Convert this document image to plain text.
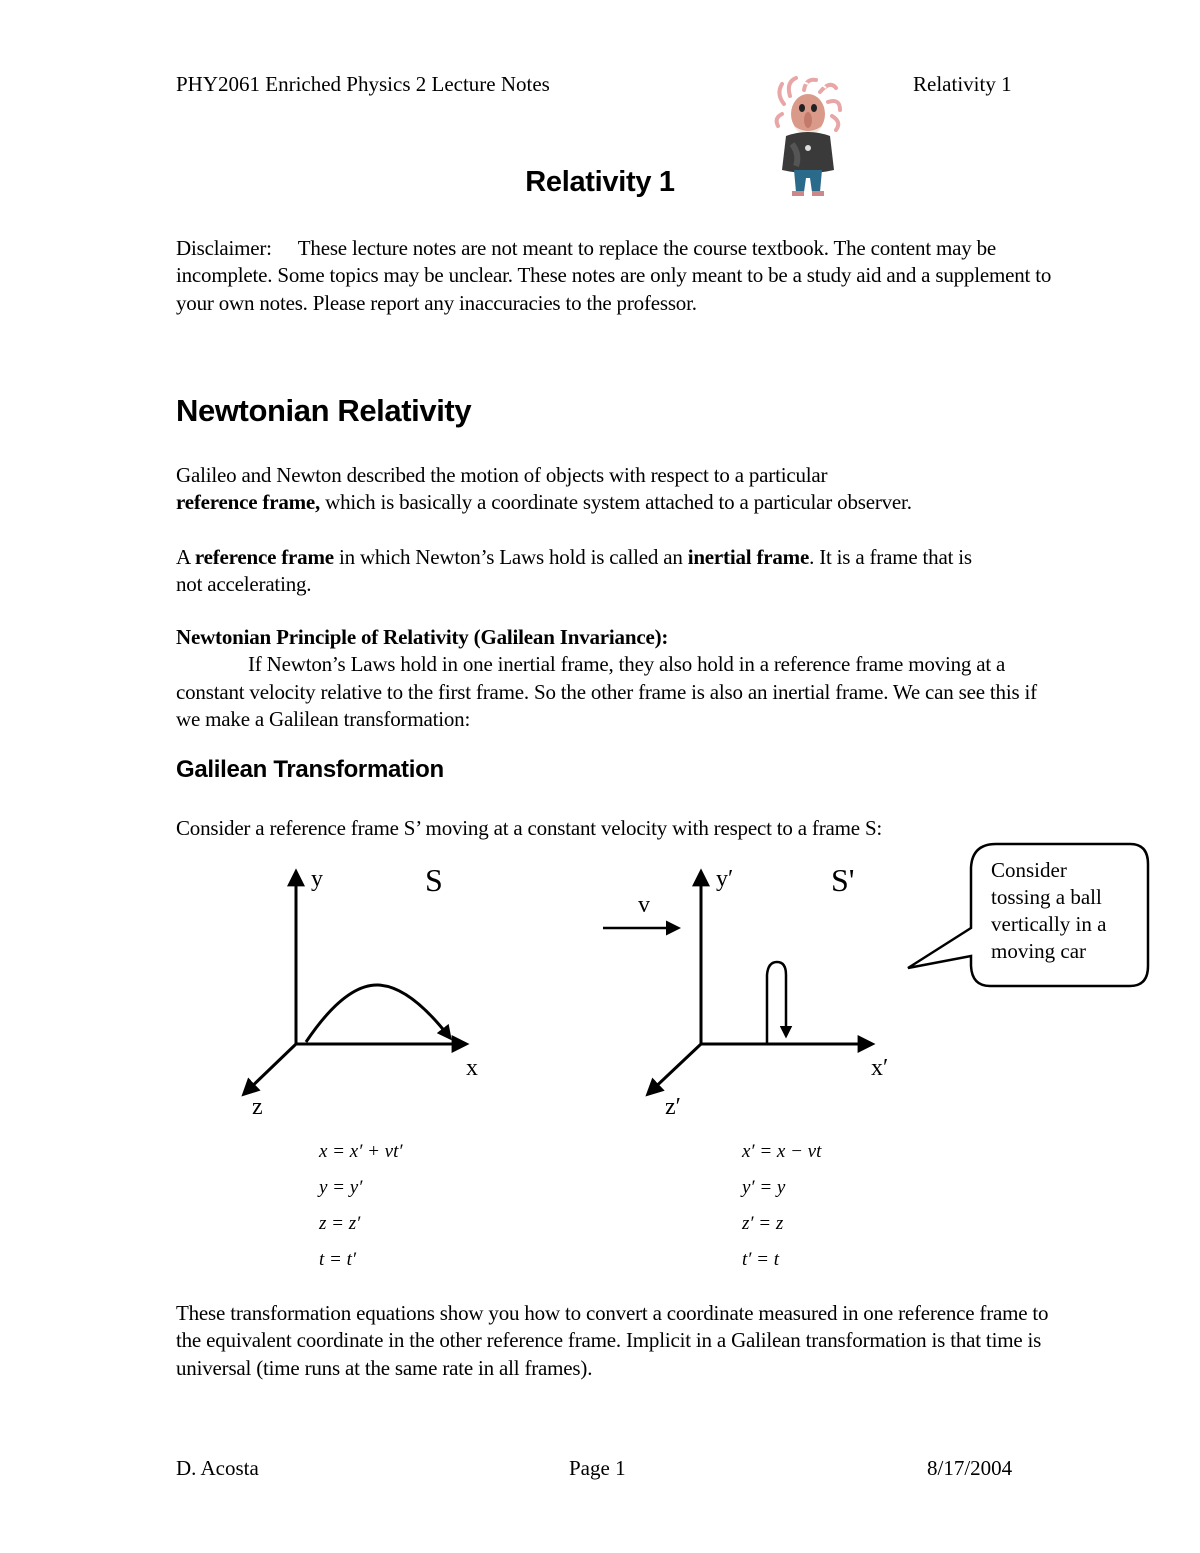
PHY2061 Enriched Physics 2 Lecture Notes	Relativity 1
Relativity 1
Disclaimer: These lecture notes are not meant to replace the course textbook. The content may be incomplete. Some topics may be unclear. These notes are only meant to be a study aid and a supplement to your own notes. Please report any inaccuracies to the professor.
Newtonian Relativity
Galileo and Newton described the motion of objects with respect to a particular
reference frame, which is basically a coordinate system attached to a particular observer.
A reference frame in which Newton’s Laws hold is called an inertial frame. It is a frame that is not accelerating.
Newtonian Principle of Relativity (Galilean Invariance):
If Newton’s Laws hold in one inertial frame, they also hold in a reference frame moving at a constant velocity relative to the first frame. So the other frame is also an inertial frame. We can see this if we make a Galilean transformation:
Galilean Transformation
Consider a reference frame S’ moving at a constant velocity with respect to a frame S:
y	S
x
z
y′	S'
v
x′
z′
Consider
tossing a ball
vertically in a
moving car
x = x′ + vt′
y = y′
z = z′
t = t′
x′ = x − vt
y′ = y
z′ = z
t′ = t
These transformation equations show you how to convert a coordinate measured in one reference frame to the equivalent coordinate in the other reference frame. Implicit in a Galilean transformation is that time is universal (time runs at the same rate in all frames).
D. Acosta	Page 1	8/17/2004
